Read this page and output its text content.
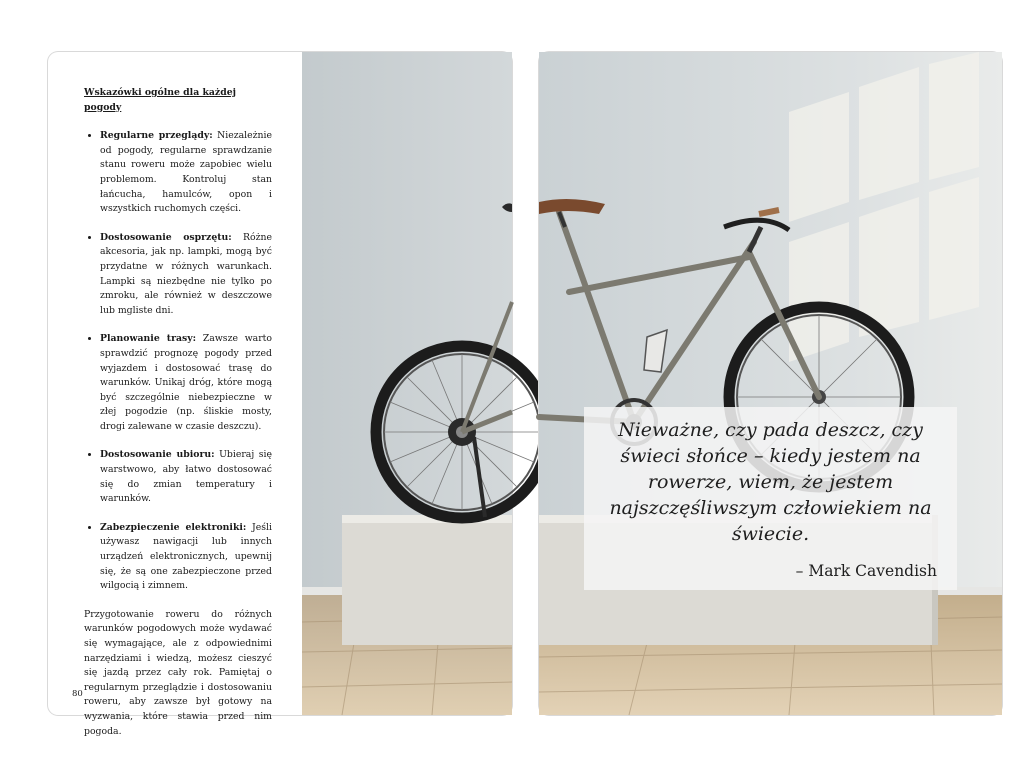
Wskazówki ogólne dla każdej pogody

• Regularne przeglądy: Niezależnie od pogody, regularne sprawdzanie stanu roweru może zapobiec wielu problemom. Kontroluj stan łańcucha, hamulców, opon i wszystkich ruchomych części.
• Dostosowanie osprzętu: Różne akcesoria, jak np. lampki, mogą być przydatne w różnych warunkach. Lampki są niezbędne nie tylko po zmroku, ale również w deszczowe lub mgliste dni.
• Planowanie trasy: Zawsze warto sprawdzić prognozę pogody przed wyjazdem i dostosować trasę do warunków. Unikaj dróg, które mogą być szczególnie niebezpieczne w złej pogodzie (np. śliskie mosty, drogi zalewane w czasie deszczu).
• Dostosowanie ubioru: Ubieraj się warstwowo, aby łatwo dostosować się do zmian temperatury i warunków.
• Zabezpieczenie elektroniki: Jeśli używasz nawigacji lub innych urządzeń elektronicznych, upewnij się, że są one zabezpieczone przed wilgocią i zimnem.

Przygotowanie roweru do różnych warunków pogodowych może wydawać się wymagające, ale z odpowiednimi narzędziami i wiedzą, możesz cieszyć się jazdą przez cały rok. Pamiętaj o regularnym przeglądzie i dostosowaniu roweru, aby zawsze był gotowy na wyzwania, które stawia przed nim pogoda.

80

Nieważne, czy pada deszcz, czy świeci słońce – kiedy jestem na rowerze, wiem, że jestem najszczęśliwszym człowiekiem na świecie.

– Mark Cavendish
